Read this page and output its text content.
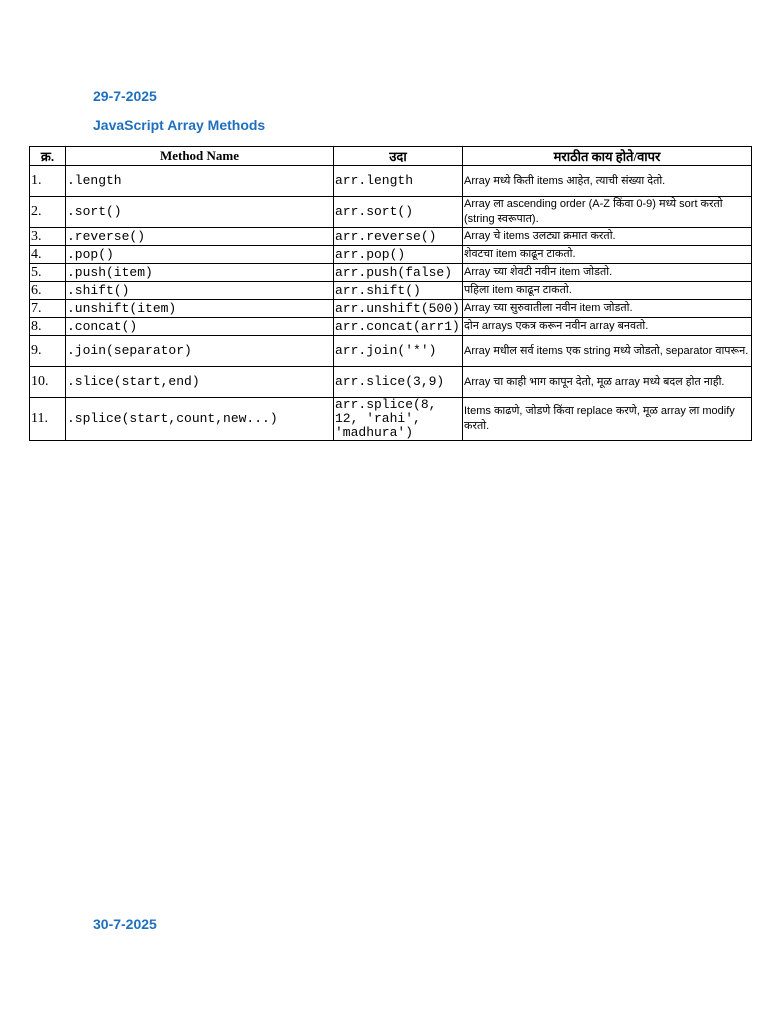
29-7-2025
JavaScript Array Methods
क्र.	Method Name	उदा	मराठीत काय होते/वापर
1.	.length	arr.length	Array मध्ये किती items आहेत, त्याची संख्या देतो.
2.	.sort()	arr.sort()	Array ला ascending order (A-Z किंवा 0-9) मध्ये sort करतो (string स्वरूपात).
3.	.reverse()	arr.reverse()	Array चे items उलट्या क्रमात करतो.
4.	.pop()	arr.pop()	शेवटचा item काढून टाकतो.
5.	.push(item)	arr.push(false)	Array च्या शेवटी नवीन item जोडतो.
6.	.shift()	arr.shift()	पहिला item काढून टाकतो.
7.	.unshift(item)	arr.unshift(500)	Array च्या सुरुवातीला नवीन item जोडतो.
8.	.concat()	arr.concat(arr1)	दोन arrays एकत्र करून नवीन array बनवतो.
9.	.join(separator)	arr.join('*')	Array मधील सर्व items एक string मध्ये जोडतो, separator वापरून.
10.	.slice(start,end)	arr.slice(3,9)	Array चा काही भाग कापून देतो, मूळ array मध्ये बदल होत नाही.
11.	.splice(start,count,new...)	arr.splice(8, 12, 'rahi', 'madhura')	Items काढणे, जोडणे किंवा replace करणे, मूळ array ला modify करतो.
30-7-2025
